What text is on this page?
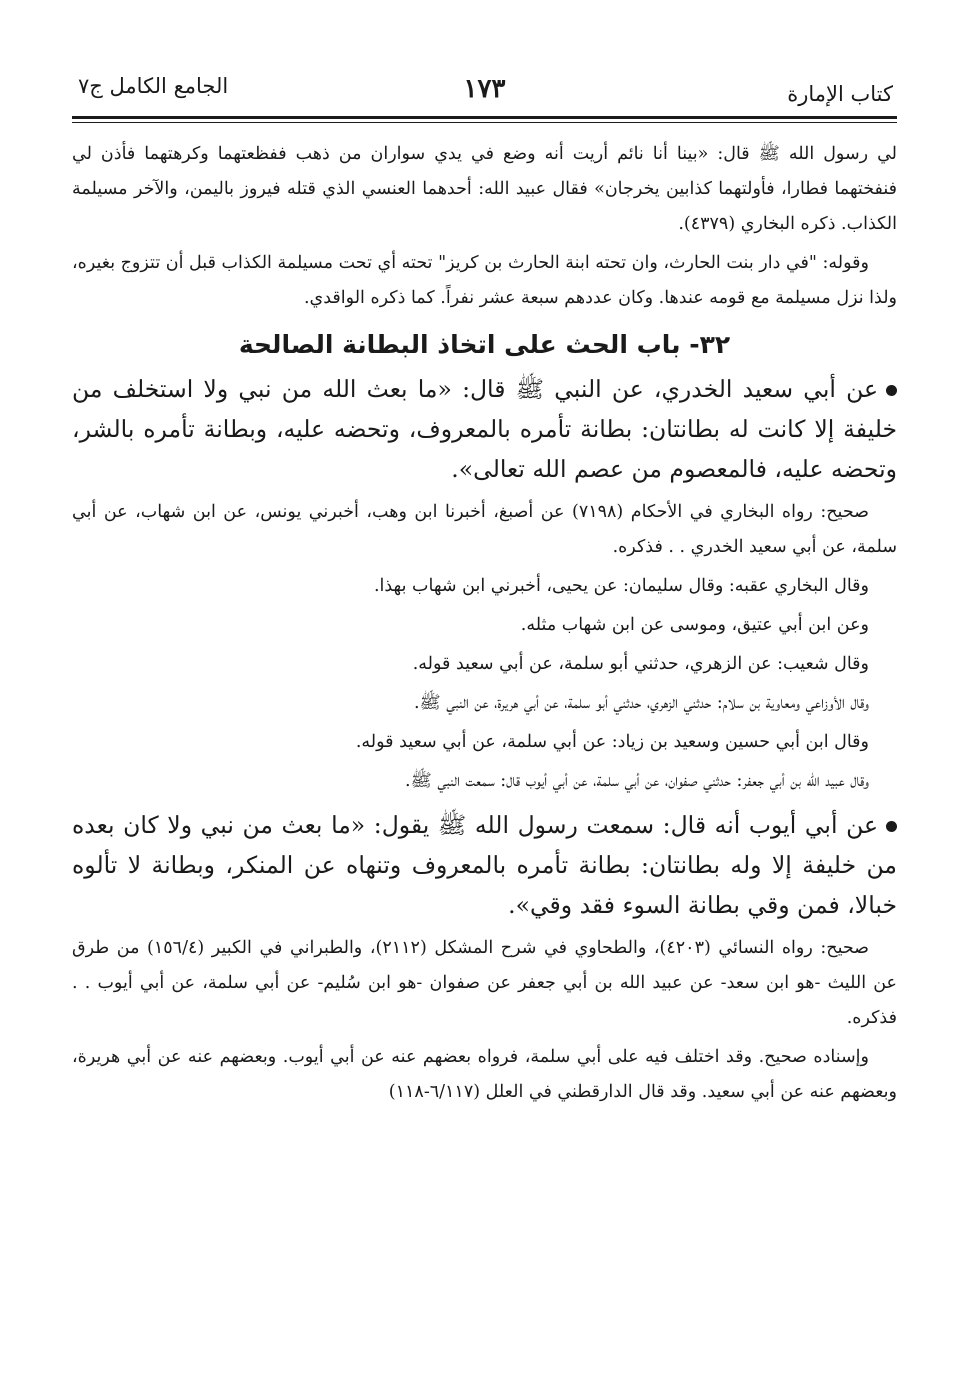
كتاب الإمارة
١٧٣
الجامع الكامل ج٧

لي رسول الله ﷺ قال: «بينا أنا نائم أريت أنه وضع في يدي سواران من ذهب ففظعتهما وكرهتهما فأذن لي فنفختهما فطارا، فأولتهما كذابين يخرجان» فقال عبيد الله: أحدهما العنسي الذي قتله فيروز باليمن، والآخر مسيلمة الكذاب. ذكره البخاري (٤٣٧٩).

وقوله: "في دار بنت الحارث، وان تحته ابنة الحارث بن كريز" تحته أي تحت مسيلمة الكذاب قبل أن تتزوج بغيره، ولذا نزل مسيلمة مع قومه عندها. وكان عددهم سبعة عشر نفراً. كما ذكره الواقدي.

٣٢- باب الحث على اتخاذ البطانة الصالحة

عن أبي سعيد الخدري، عن النبي ﷺ قال: «ما بعث الله من نبي ولا استخلف من خليفة إلا كانت له بطانتان: بطانة تأمره بالمعروف، وتحضه عليه، وبطانة تأمره بالشر، وتحضه عليه، فالمعصوم من عصم الله تعالى».

صحيح: رواه البخاري في الأحكام (٧١٩٨) عن أصبغ، أخبرنا ابن وهب، أخبرني يونس، عن ابن شهاب، عن أبي سلمة، عن أبي سعيد الخدري . . فذكره.

وقال البخاري عقبه: وقال سليمان: عن يحيى، أخبرني ابن شهاب بهذا.

وعن ابن أبي عتيق، وموسى عن ابن شهاب مثله.

وقال شعيب: عن الزهري، حدثني أبو سلمة، عن أبي سعيد قوله.

وقال الأوزاعي ومعاوية بن سلام: حدثني الزهري، حدثني أبو سلمة، عن أبي هريرة، عن النبي ﷺ.

وقال ابن أبي حسين وسعيد بن زياد: عن أبي سلمة، عن أبي سعيد قوله.

وقال عبيد الله بن أبي جعفر: حدثني صفوان، عن أبي سلمة، عن أبي أيوب قال: سمعت النبي ﷺ.

عن أبي أيوب أنه قال: سمعت رسول الله ﷺ يقول: «ما بعث من نبي ولا كان بعده من خليفة إلا وله بطانتان: بطانة تأمره بالمعروف وتنهاه عن المنكر، وبطانة لا تألوه خبالا، فمن وقي بطانة السوء فقد وقي».

صحيح: رواه النسائي (٤٢٠٣)، والطحاوي في شرح المشكل (٢١١٢)، والطبراني في الكبير (١٥٦/٤) من طرق عن الليث -هو ابن سعد- عن عبيد الله بن أبي جعفر عن صفوان -هو ابن سُليم- عن أبي سلمة، عن أبي أيوب . . فذكره.

وإسناده صحيح. وقد اختلف فيه على أبي سلمة، فرواه بعضهم عنه عن أبي أيوب. وبعضهم عنه عن أبي هريرة، وبعضهم عنه عن أبي سعيد. وقد قال الدارقطني في العلل (٦/١١٧-١١٨)
